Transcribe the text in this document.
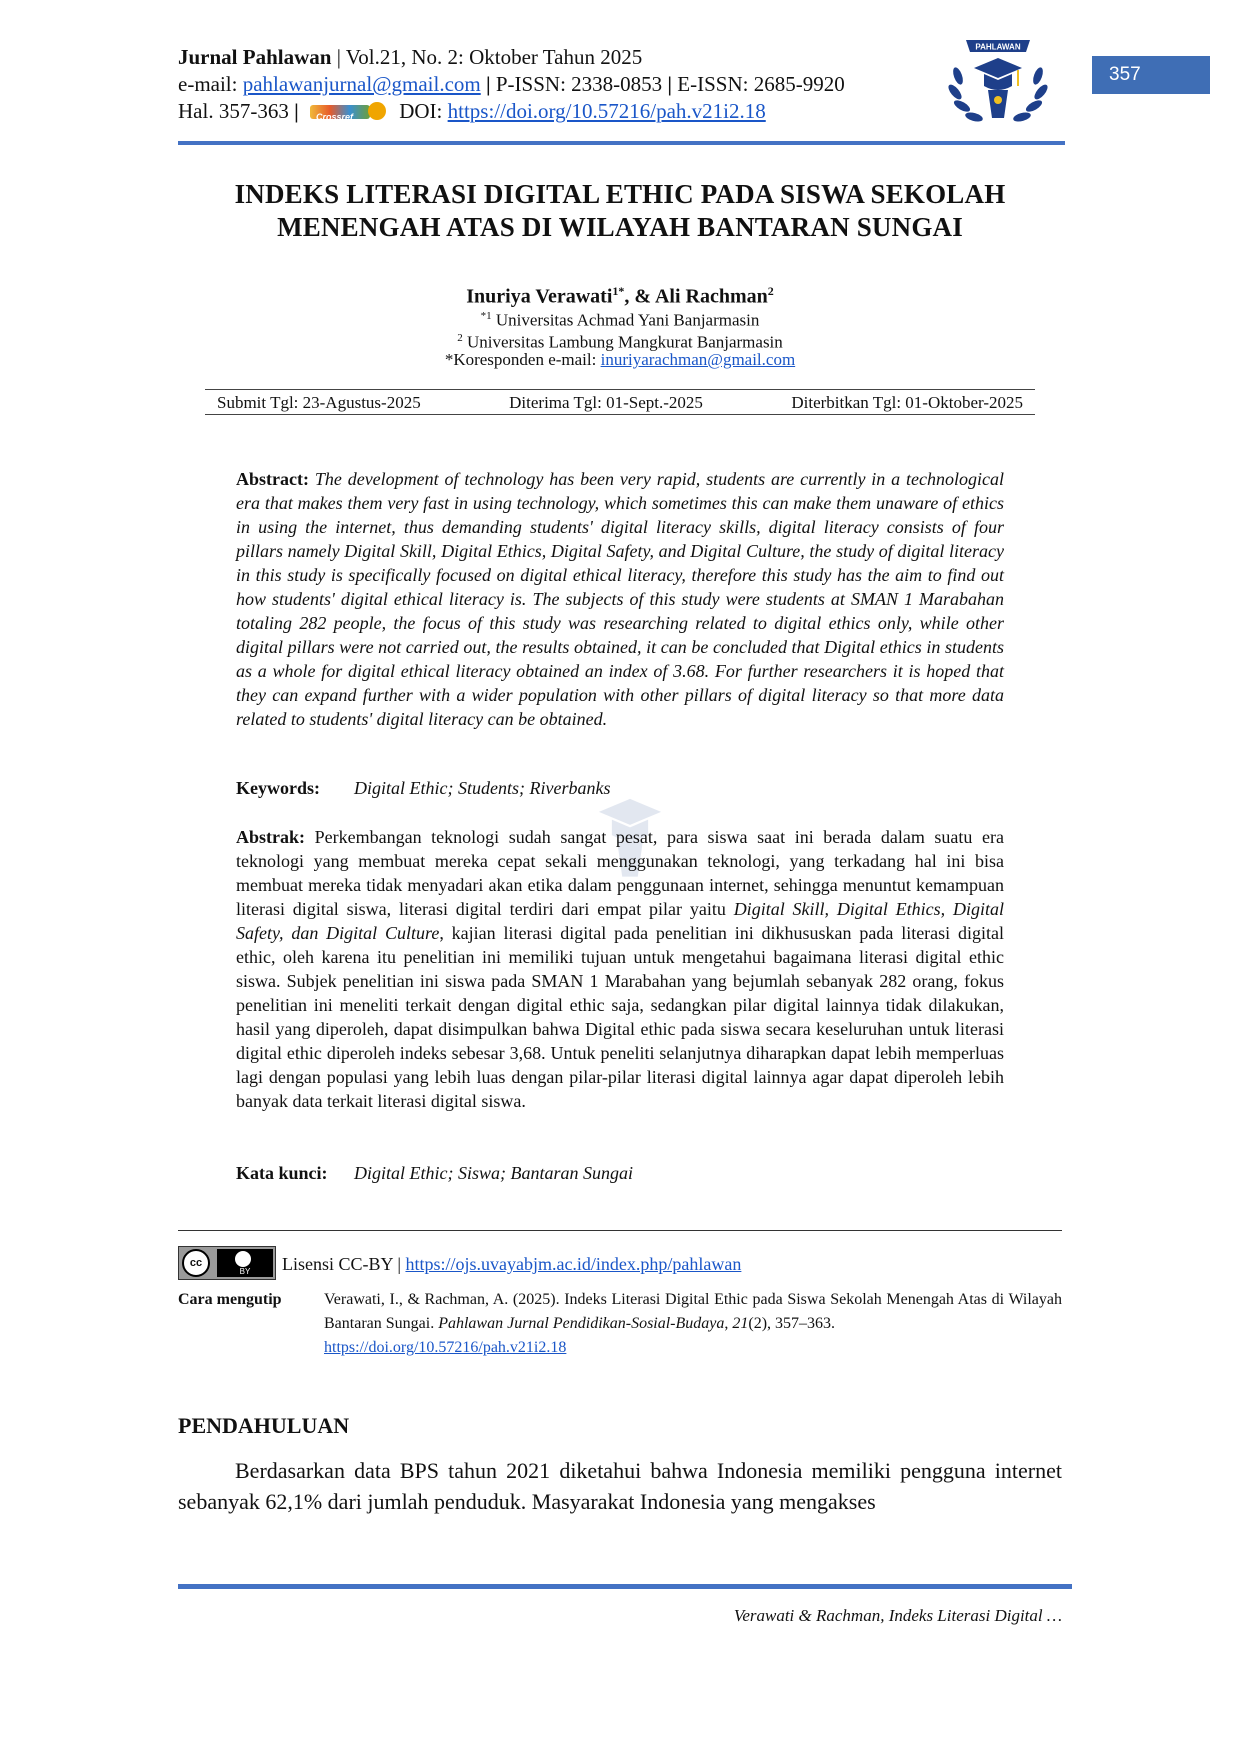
Jurnal Pahlawan | Vol.21, No. 2: Oktober Tahun 2025
e-mail: pahlawanjurnal@gmail.com | P-ISSN: 2338-0853 | E-ISSN: 2685-9920
Hal. 357-363 | Crossref DOI: https://doi.org/10.57216/pah.v21i2.18
PAHLAWAN
357
INDEKS LITERASI DIGITAL ETHIC PADA SISWA SEKOLAH
MENENGAH ATAS DI WILAYAH BANTARAN SUNGAI
Inuriya Verawati$^{1*}$, & Ali Rachman$^2$
$^{*1}$ Universitas Achmad Yani Banjarmasin
$^2$ Universitas Lambung Mangkurat Banjarmasin
*Koresponden e-mail: inuriyarachman@gmail.com
Submit Tgl: 23-Agustus-2025	Diterima Tgl: 01-Sept.-2025	Diterbitkan Tgl: 01-Oktober-2025
Abstract: The development of technology has been very rapid, students are currently in a technological era that makes them very fast in using technology, which sometimes this can make them unaware of ethics in using the internet, thus demanding students' digital literacy skills, digital literacy consists of four pillars namely Digital Skill, Digital Ethics, Digital Safety, and Digital Culture, the study of digital literacy in this study is specifically focused on digital ethical literacy, therefore this study has the aim to find out how students' digital ethical literacy is. The subjects of this study were students at SMAN 1 Marabahan totaling 282 people, the focus of this study was researching related to digital ethics only, while other digital pillars were not carried out, the results obtained, it can be concluded that Digital ethics in students as a whole for digital ethical literacy obtained an index of 3.68. For further researchers it is hoped that they can expand further with a wider population with other pillars of digital literacy so that more data related to students' digital literacy can be obtained.
Keywords: Digital Ethic; Students; Riverbanks
Abstrak: Perkembangan teknologi sudah sangat pesat, para siswa saat ini berada dalam suatu era teknologi yang membuat mereka cepat sekali menggunakan teknologi, yang terkadang hal ini bisa membuat mereka tidak menyadari akan etika dalam penggunaan internet, sehingga menuntut kemampuan literasi digital siswa, literasi digital terdiri dari empat pilar yaitu Digital Skill, Digital Ethics, Digital Safety, dan Digital Culture, kajian literasi digital pada penelitian ini dikhususkan pada literasi digital ethic, oleh karena itu penelitian ini memiliki tujuan untuk mengetahui bagaimana literasi digital ethic siswa. Subjek penelitian ini siswa pada SMAN 1 Marabahan yang bejumlah sebanyak 282 orang, fokus penelitian ini meneliti terkait dengan digital ethic saja, sedangkan pilar digital lainnya tidak dilakukan, hasil yang diperoleh, dapat disimpulkan bahwa Digital ethic pada siswa secara keseluruhan untuk literasi digital ethic diperoleh indeks sebesar 3,68. Untuk peneliti selanjutnya diharapkan dapat lebih memperluas lagi dengan populasi yang lebih luas dengan pilar-pilar literasi digital lainnya agar dapat diperoleh lebih banyak data terkait literasi digital siswa.
Kata kunci: Digital Ethic; Siswa; Bantaran Sungai
cc
BY	Lisensi CC-BY | https://ojs.uvayabjm.ac.id/index.php/pahlawan
Cara mengutip	Verawati, I., & Rachman, A. (2025). Indeks Literasi Digital Ethic pada Siswa Sekolah Menengah Atas di Wilayah Bantaran Sungai. Pahlawan Jurnal Pendidikan-Sosial-Budaya, 21(2), 357–363.
https://doi.org/10.57216/pah.v21i2.18
PENDAHULUAN
Berdasarkan data BPS tahun 2021 diketahui bahwa Indonesia memiliki pengguna internet sebanyak 62,1% dari jumlah penduduk. Masyarakat Indonesia yang mengakses
Verawati & Rachman, Indeks Literasi Digital …
